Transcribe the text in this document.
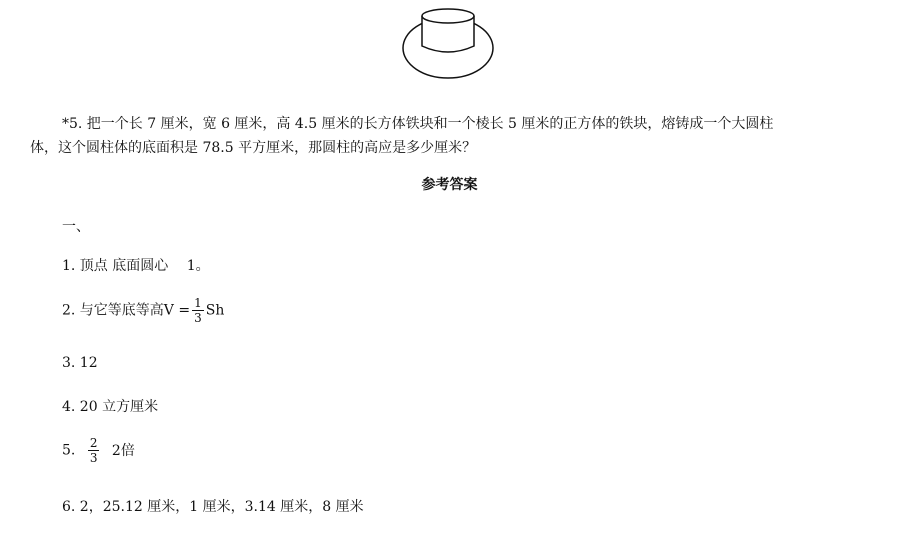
*5. 把一个长 7 厘米，宽 6 厘米，高 4.5 厘米的长方体铁块和一个棱长 5 厘米的正方体的铁块，熔铸成一个大圆柱
体，这个圆柱体的底面积是 78.5 平方厘米，那圆柱的高应是多少厘米？
参考答案
一、
1. 顶点 底面圆心 　1。
2. 与它等底等高$V = \frac{1}{3}$ Sh
3. 12
4. 20 立方厘米
5. $\frac{2}{3} 2$倍
6. 2，25.12 厘米，1 厘米，3.14 厘米，8 厘米
